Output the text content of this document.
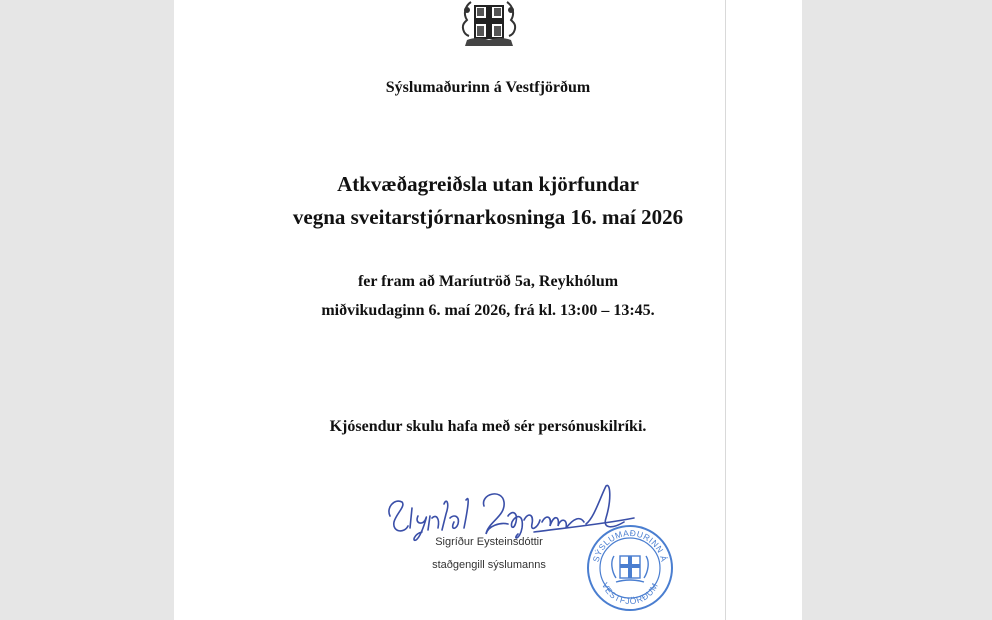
Sýslumaðurinn á Vestfjörðum
Atkvæðagreiðsla utan kjörfundar
vegna sveitarstjórnarkosninga 16. maí 2026
fer fram að Maríutröð 5a, Reykhólum
miðvikudaginn 6. maí 2026, frá kl. 13:00 – 13:45.
Kjósendur skulu hafa með sér persónuskilríki.
Sigríður Eysteinsdóttir
staðgengill sýslumanns
SÝSLUMAÐURINN Á
VESTFJÖRÐUM
